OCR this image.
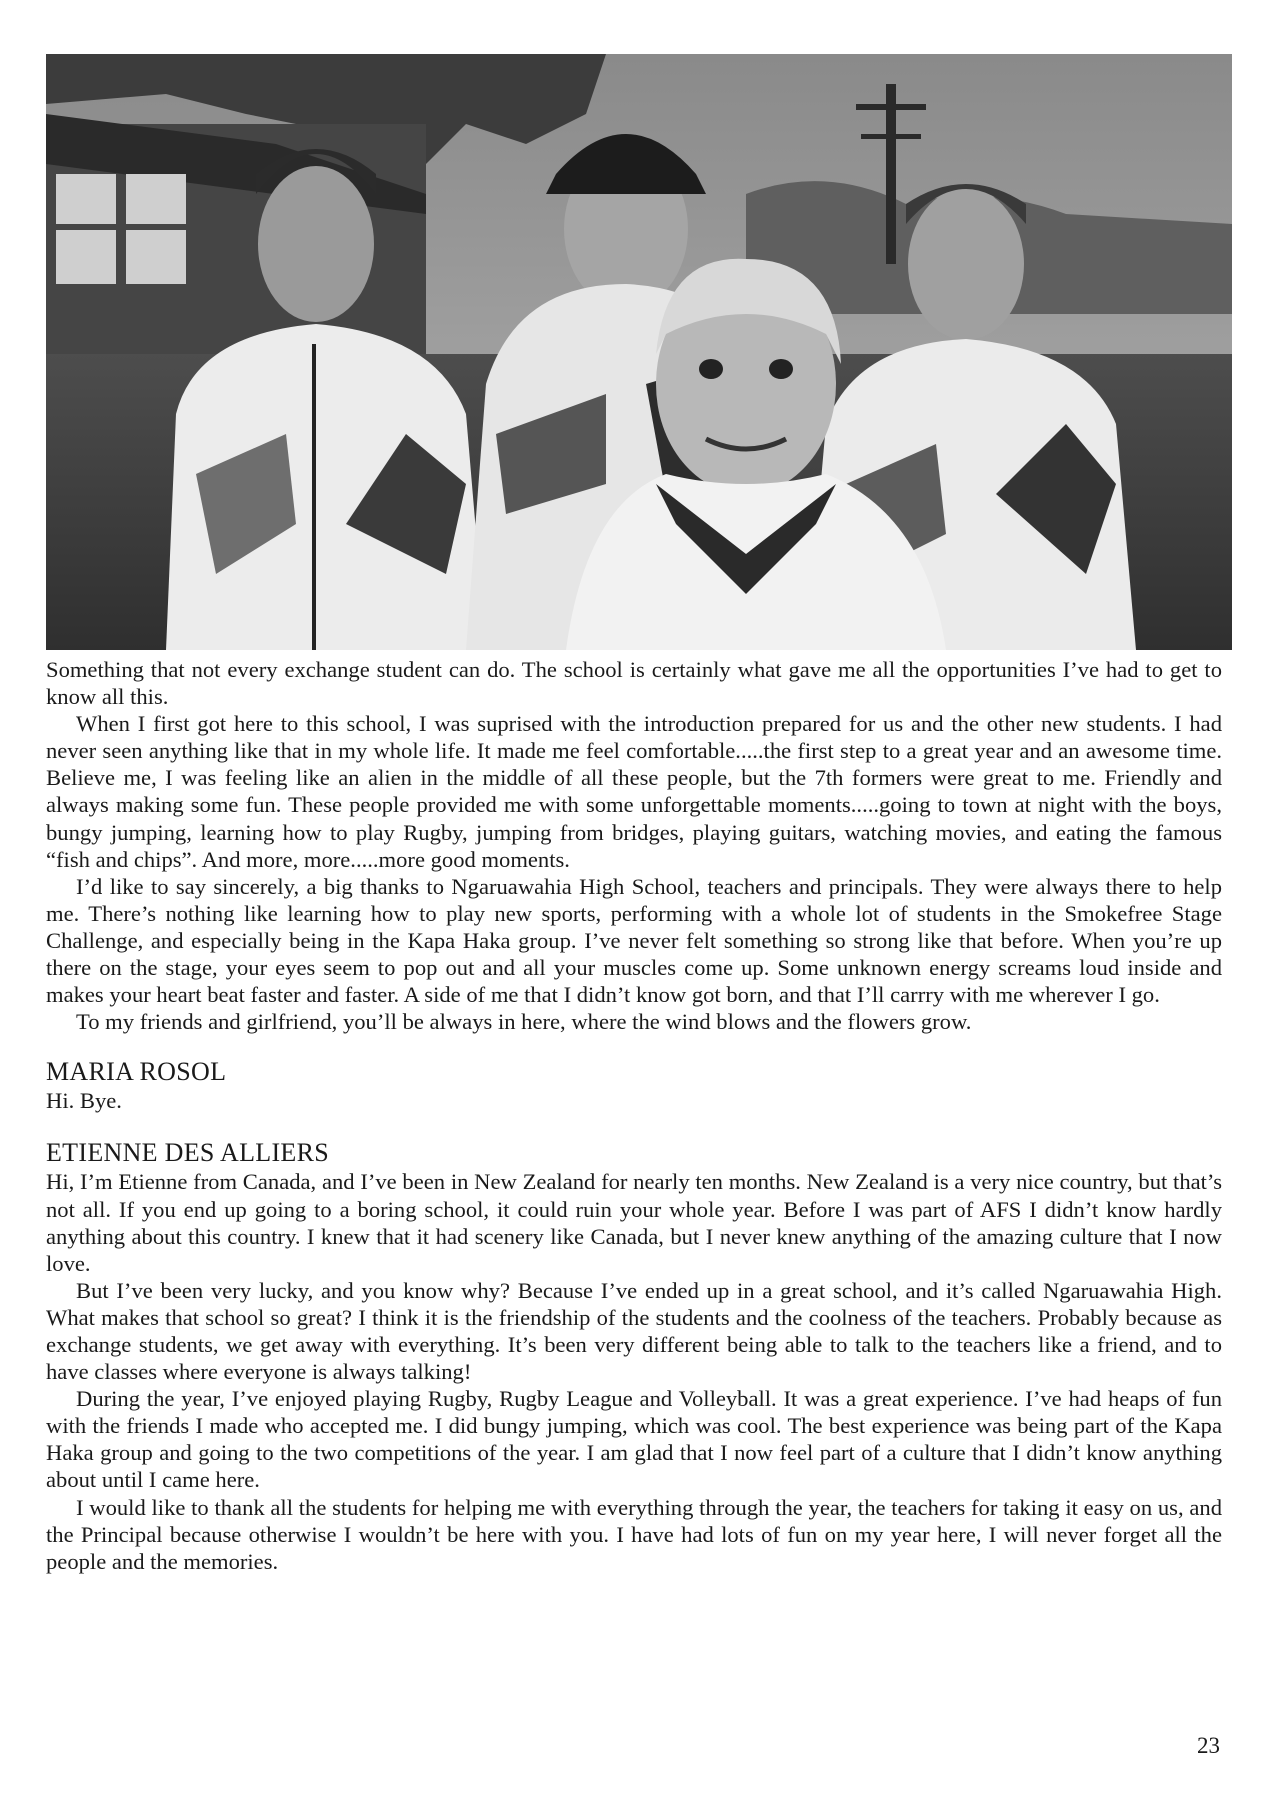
Something that not every exchange student can do. The school is certainly what gave me all the opportunities I’ve had to get to know all this.

When I first got here to this school, I was suprised with the introduction prepared for us and the other new students. I had never seen anything like that in my whole life. It made me feel comfortable.....the first step to a great year and an awesome time. Believe me, I was feeling like an alien in the middle of all these people, but the 7th formers were great to me. Friendly and always making some fun. These people provided me with some unforgettable moments.....going to town at night with the boys, bungy jumping, learning how to play Rugby, jumping from bridges, playing guitars, watching movies, and eating the famous “fish and chips”. And more, more.....more good moments.

I’d like to say sincerely, a big thanks to Ngaruawahia High School, teachers and principals. They were always there to help me. There’s nothing like learning how to play new sports, performing with a whole lot of students in the Smokefree Stage Challenge, and especially being in the Kapa Haka group. I’ve never felt something so strong like that before. When you’re up there on the stage, your eyes seem to pop out and all your muscles come up. Some unknown energy screams loud inside and makes your heart beat faster and faster. A side of me that I didn’t know got born, and that I’ll carrry with me wherever I go.

To my friends and girlfriend, you’ll be always in here, where the wind blows and the flowers grow.

MARIA ROSOL

Hi. Bye.

ETIENNE DES ALLIERS

Hi, I’m Etienne from Canada, and I’ve been in New Zealand for nearly ten months. New Zealand is a very nice country, but that’s not all. If you end up going to a boring school, it could ruin your whole year. Before I was part of AFS I didn’t know hardly anything about this country. I knew that it had scenery like Canada, but I never knew anything of the amazing culture that I now love.

But I’ve been very lucky, and you know why? Because I’ve ended up in a great school, and it’s called Ngaruawahia High. What makes that school so great? I think it is the friendship of the students and the coolness of the teachers. Probably because as exchange students, we get away with everything. It’s been very different being able to talk to the teachers like a friend, and to have classes where everyone is always talking!

During the year, I’ve enjoyed playing Rugby, Rugby League and Volleyball. It was a great experience. I’ve had heaps of fun with the friends I made who accepted me. I did bungy jumping, which was cool. The best experience was being part of the Kapa Haka group and going to the two competitions of the year. I am glad that I now feel part of a culture that I didn’t know anything about until I came here.

I would like to thank all the students for helping me with everything through the year, the teachers for taking it easy on us, and the Principal because otherwise I wouldn’t be here with you. I have had lots of fun on my year here, I will never forget all the people and the memories.

23
